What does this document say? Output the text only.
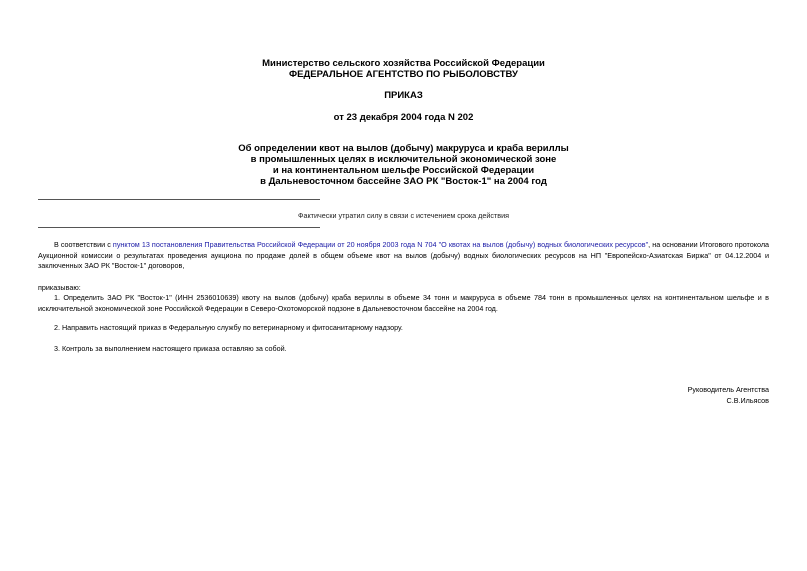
Министерство сельского хозяйства Российской Федерации
ФЕДЕРАЛЬНОЕ АГЕНТСТВО ПО РЫБОЛОВСТВУ
ПРИКАЗ
от 23 декабря 2004 года N 202
Об определении квот на вылов (добычу) макруруса и краба вериллы
в промышленных целях в исключительной экономической зоне
и на континентальном шельфе Российской Федерации
в Дальневосточном бассейне ЗАО РК "Восток-1" на 2004 год
Фактически утратил силу в связи с истечением срока действия
В соответствии с пунктом 13 постановления Правительства Российской Федерации от 20 ноября 2003 года N 704 "О квотах на вылов (добычу) водных биологических ресурсов", на основании Итогового протокола Аукционной комиссии о результатах проведения аукциона по продаже долей в общем объеме квот на вылов (добычу) водных биологических ресурсов на НП "Европейско-Азиатская Биржа" от 04.12.2004 и заключенных ЗАО РК "Восток-1" договоров,
приказываю:
1. Определить ЗАО РК "Восток-1" (ИНН 2536010639) квоту на вылов (добычу) краба вериллы в объеме 34 тонн и макруруса в объеме 784 тонн в промышленных целях на континентальном шельфе и в исключительной экономической зоне Российской Федерации в Северо-Охотоморской подзоне в Дальневосточном бассейне на 2004 год.
2. Направить настоящий приказ в Федеральную службу по ветеринарному и фитосанитарному надзору.
3. Контроль за выполнением настоящего приказа оставляю за собой.
Руководитель Агентства
С.В.Ильясов
